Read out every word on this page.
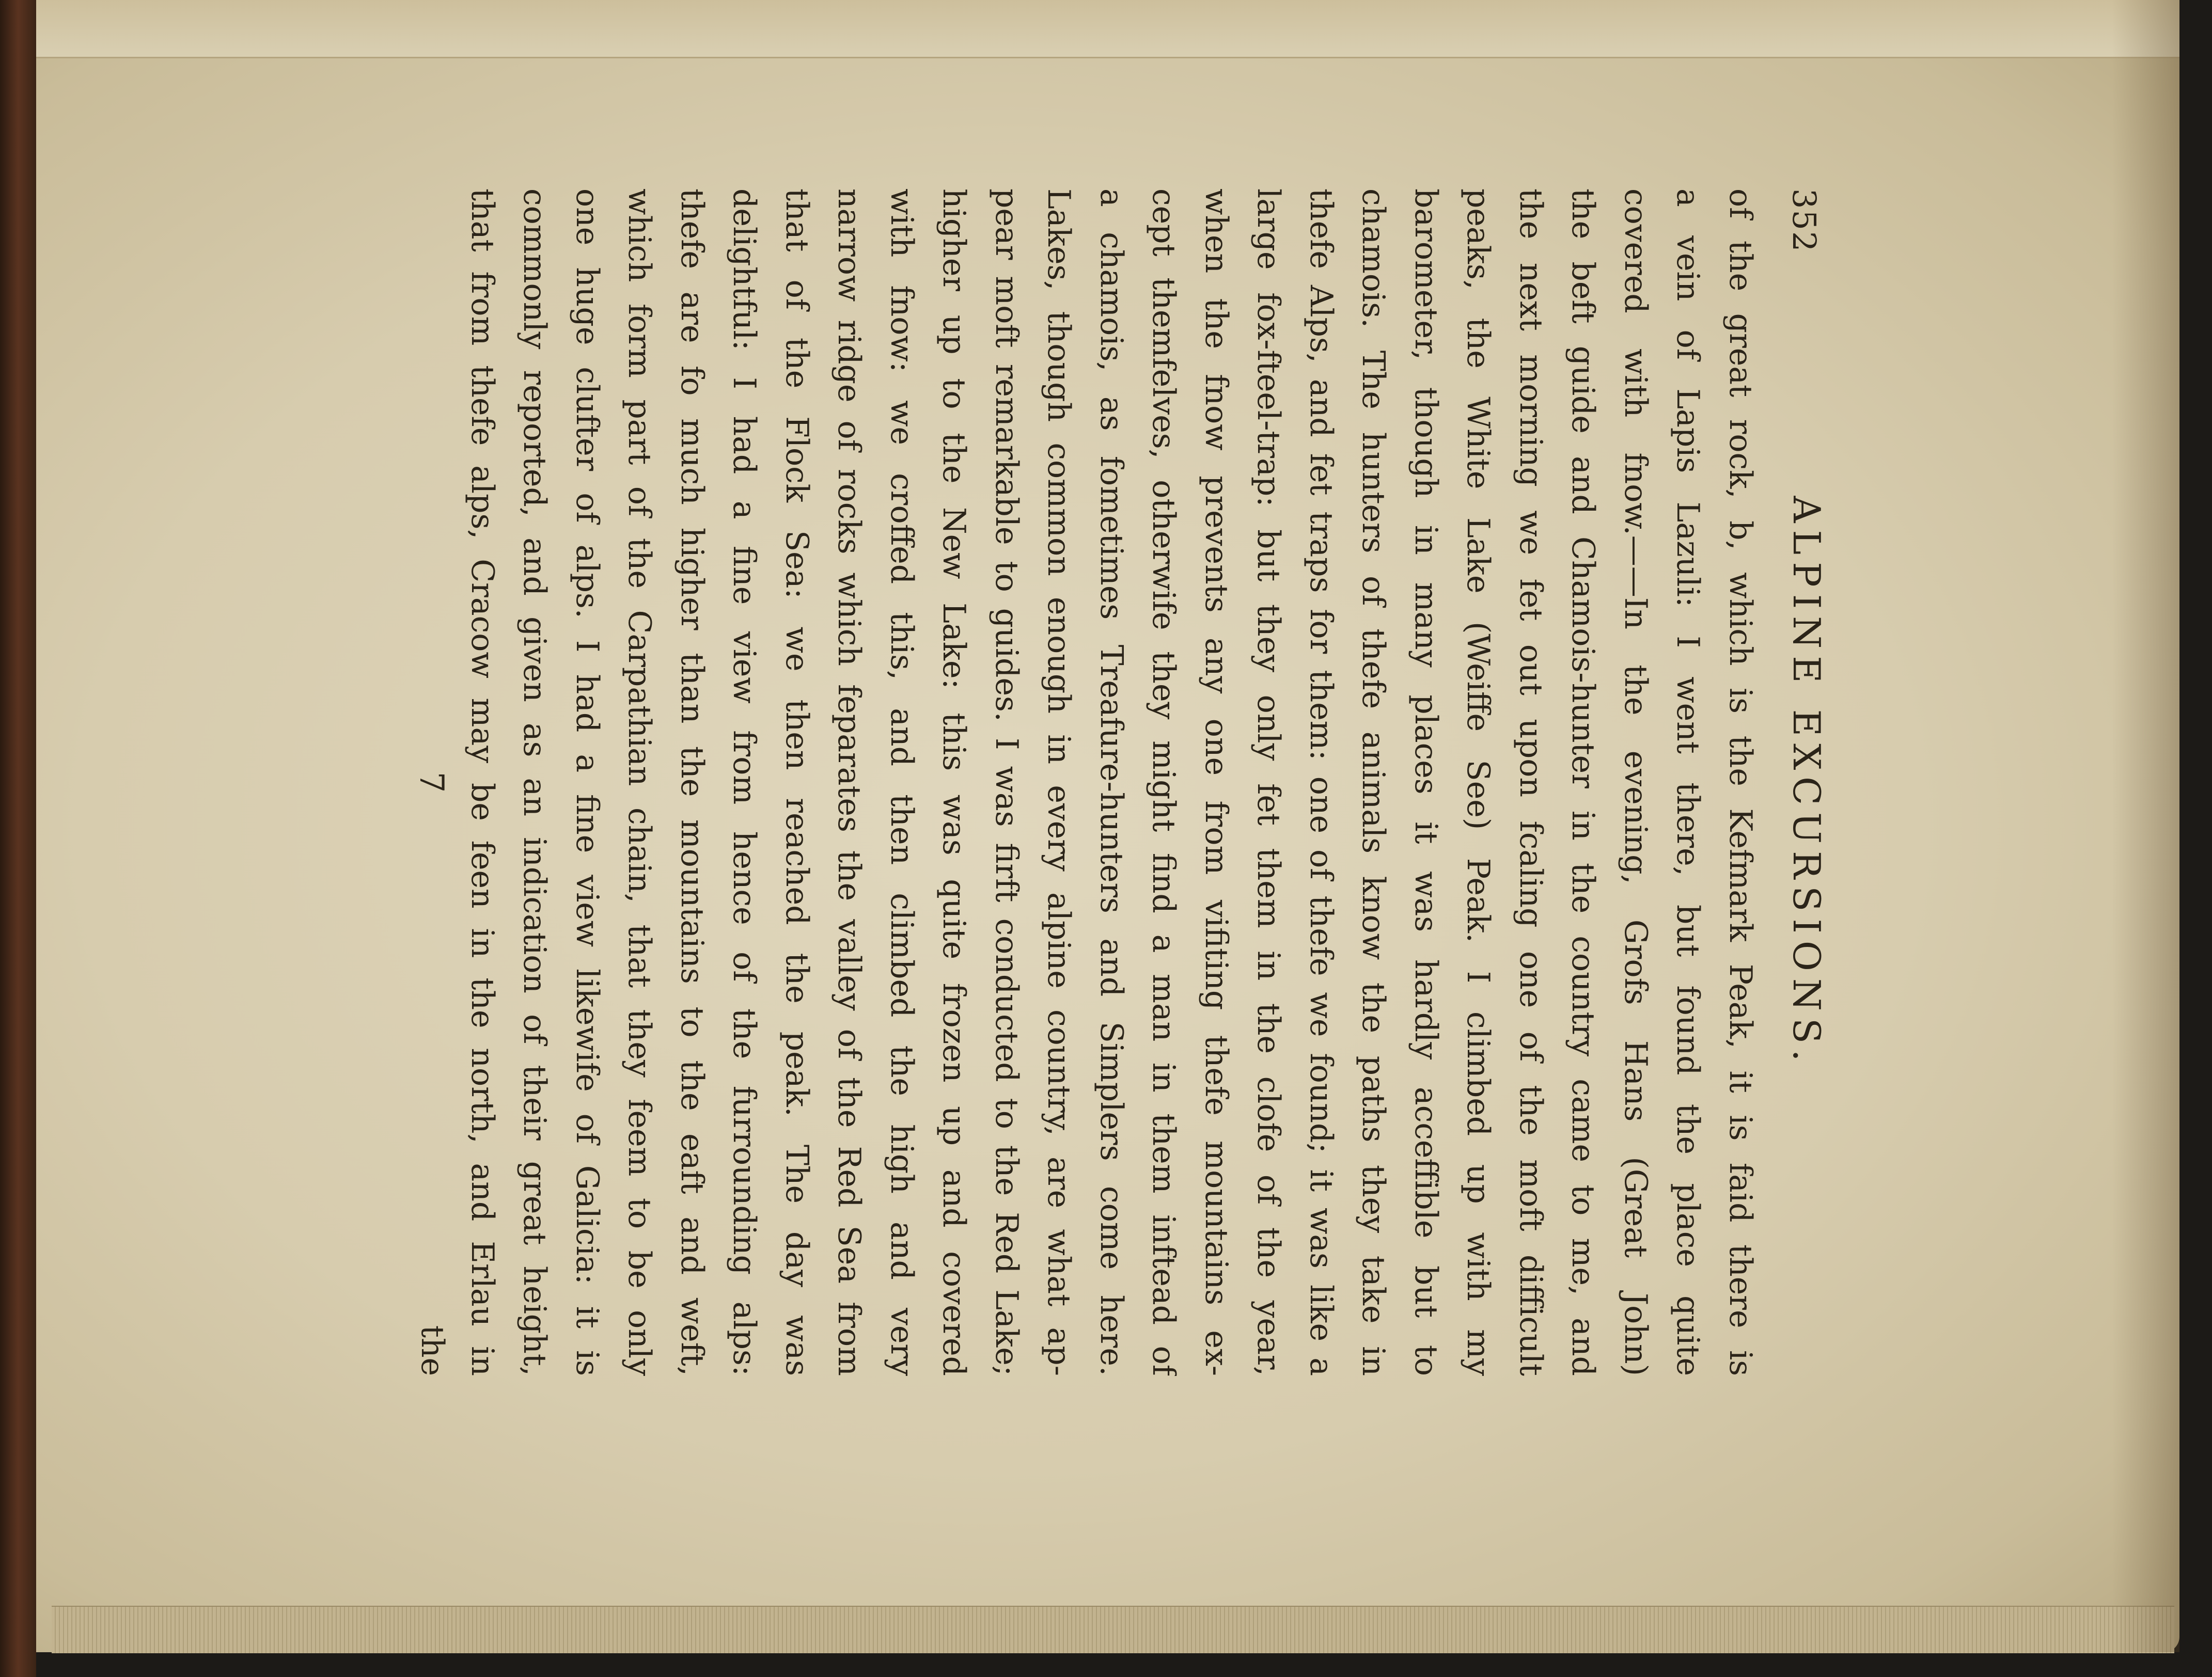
352
ALPINE EXCURSIONS.
of the great rock, b, which is the Kefmark Peak, it is faid there is
a vein of Lapis Lazuli: I went there, but found the place quite
covered with fnow.——In the evening, Grofs Hans (Great John)
the beft guide and Chamois-hunter in the country came to me, and
the next morning we fet out upon fcaling one of the moft difficult
peaks, the White Lake (Weiffe See) Peak. I climbed up with my
barometer, though in many places it was hardly acceffible but to
chamois. The hunters of thefe animals know the paths they take in
thefe Alps, and fet traps for them: one of thefe we found; it was like a
large fox-fteel-trap: but they only fet them in the clofe of the year,
when the fnow prevents any one from vifiting thefe mountains ex-
cept themfelves, otherwife they might find a man in them inftead of
a chamois, as fometimes Treafure-hunters and Simplers come here.
Lakes, though common enough in every alpine country, are what ap-
pear moft remarkable to guides. I was firft conducted to the Red Lake;
higher up to the New Lake: this was quite frozen up and covered
with fnow: we croffed this, and then climbed the high and very
narrow ridge of rocks which feparates the valley of the Red Sea from
that of the Flock Sea: we then reached the peak. The day was
delightful: I had a fine view from hence of the furrounding alps:
thefe are fo much higher than the mountains to the eaft and weft,
which form part of the Carpathian chain, that they feem to be only
one huge clufter of alps. I had a fine view likewife of Galicia: it is
commonly reported, and given as an indication of their great height,
that from thefe alps, Cracow may be feen in the north, and Erlau in
7
the
